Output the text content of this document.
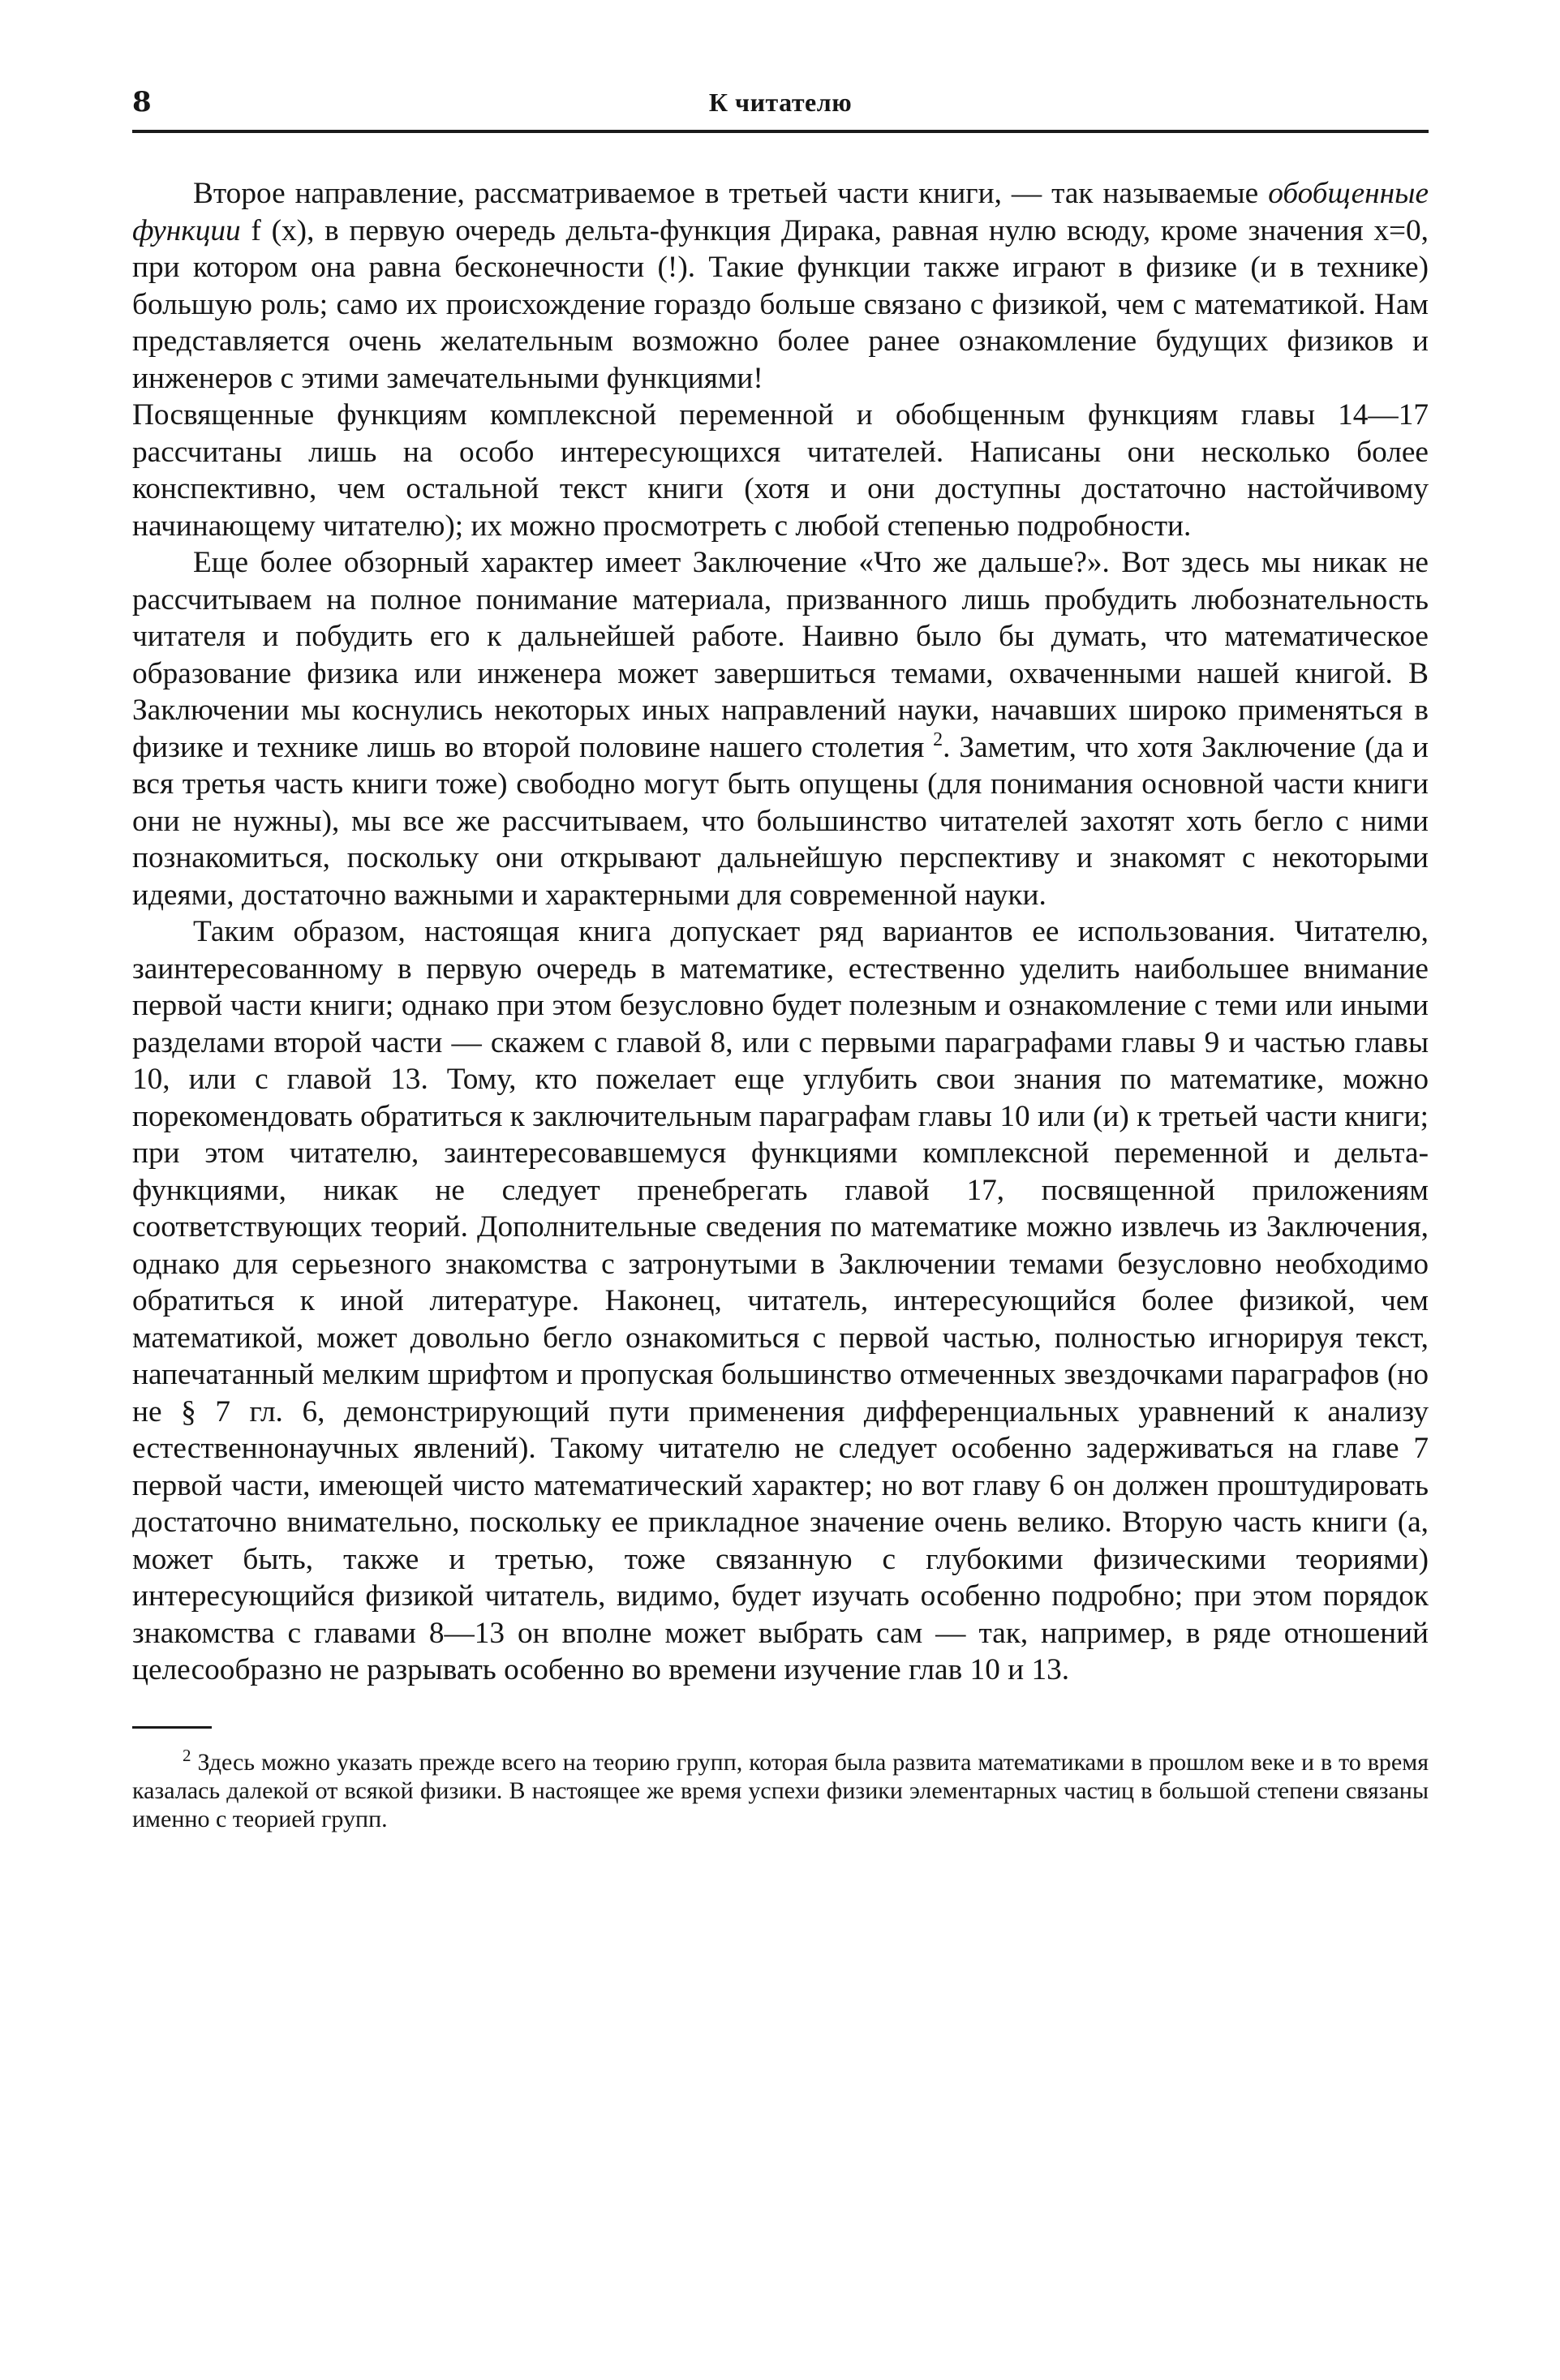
8	К читателю

Второе направление, рассматриваемое в третьей части книги, — так называемые обобщенные функции f (x), в первую очередь дельта-функция Дирака, равная нулю всюду, кроме значения x=0, при котором она равна бесконечности (!). Такие функции также играют в физике (и в технике) большую роль; само их происхождение гораздо больше связано с физикой, чем с математикой. Нам представляется очень желательным возможно более ранее ознакомление будущих физиков и инженеров с этими замечательными функциями!

Посвященные функциям комплексной переменной и обобщенным функциям главы 14—17 рассчитаны лишь на особо интересующихся читателей. Написаны они несколько более конспективно, чем остальной текст книги (хотя и они доступны достаточно настойчивому начинающему читателю); их можно просмотреть с любой степенью подробности.

Еще более обзорный характер имеет Заключение «Что же дальше?». Вот здесь мы никак не рассчитываем на полное понимание материала, призванного лишь пробудить любознательность читателя и побудить его к дальнейшей работе. Наивно было бы думать, что математическое образование физика или инженера может завершиться темами, охваченными нашей книгой. В Заключении мы коснулись некоторых иных направлений науки, начавших широко применяться в физике и технике лишь во второй половине нашего столетия $^2$. Заметим, что хотя Заключение (да и вся третья часть книги тоже) свободно могут быть опущены (для понимания основной части книги они не нужны), мы все же рассчитываем, что большинство читателей захотят хоть бегло с ними познакомиться, поскольку они открывают дальнейшую перспективу и знакомят с некоторыми идеями, достаточно важными и характерными для современной науки.

Таким образом, настоящая книга допускает ряд вариантов ее использования. Читателю, заинтересованному в первую очередь в математике, естественно уделить наибольшее внимание первой части книги; однако при этом безусловно будет полезным и ознакомление с теми или иными разделами второй части — скажем с главой 8, или с первыми параграфами главы 9 и частью главы 10, или с главой 13. Тому, кто пожелает еще углубить свои знания по математике, можно порекомендовать обратиться к заключительным параграфам главы 10 или (и) к третьей части книги; при этом читателю, заинтересовавшемуся функциями комплексной переменной и дельта-функциями, никак не следует пренебрегать главой 17, посвященной приложениям соответствующих теорий. Дополнительные сведения по математике можно извлечь из Заключения, однако для серьезного знакомства с затронутыми в Заключении темами безусловно необходимо обратиться к иной литературе. Наконец, читатель, интересующийся более физикой, чем математикой, может довольно бегло ознакомиться с первой частью, полностью игнорируя текст, напечатанный мелким шрифтом и пропуская большинство отмеченных звездочками параграфов (но не § 7 гл. 6, демонстрирующий пути применения дифференциальных уравнений к анализу естественнонаучных явлений). Такому читателю не следует особенно задерживаться на главе 7 первой части, имеющей чисто математический характер; но вот главу 6 он должен проштудировать достаточно внимательно, поскольку ее прикладное значение очень велико. Вторую часть книги (а, может быть, также и третью, тоже связанную с глубокими физическими теориями) интересующийся физикой читатель, видимо, будет изучать особенно подробно; при этом порядок знакомства с главами 8—13 он вполне может выбрать сам — так, например, в ряде отношений целесообразно не разрывать особенно во времени изучение глав 10 и 13.

$^2$ Здесь можно указать прежде всего на теорию групп, которая была развита математиками в прошлом веке и в то время казалась далекой от всякой физики. В настоящее же время успехи физики элементарных частиц в большой степени связаны именно с теорией групп.
